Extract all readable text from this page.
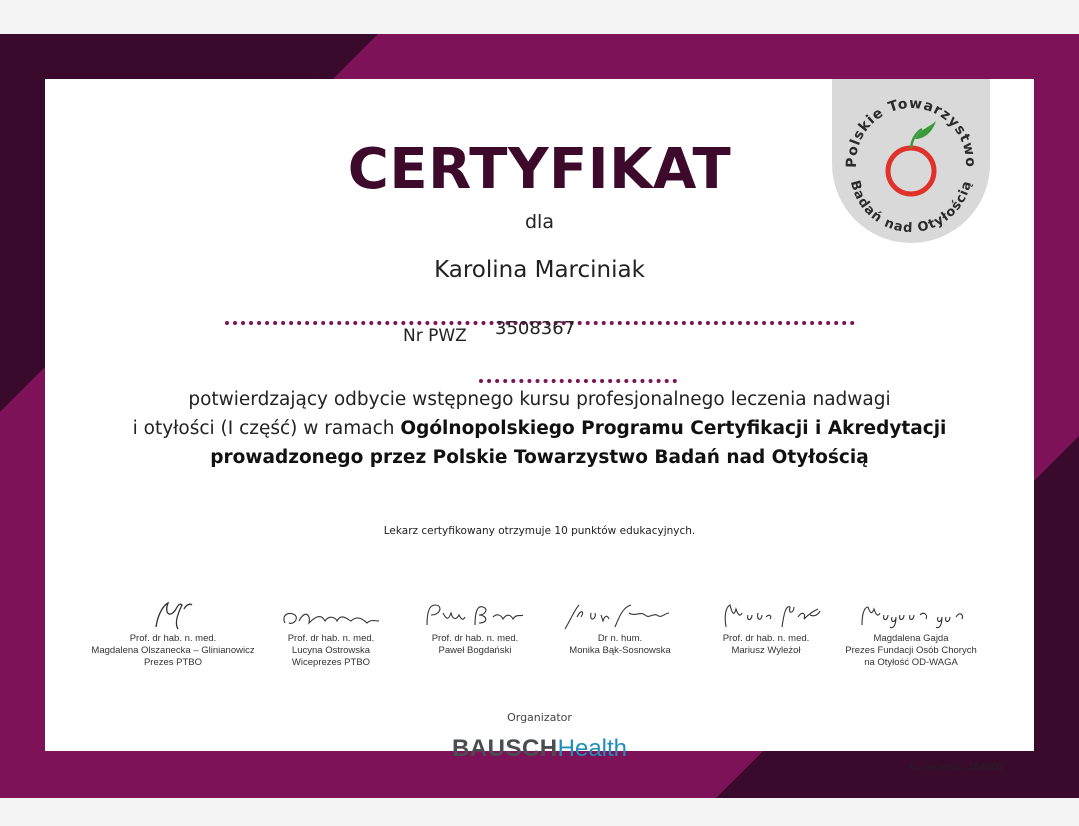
Polskie Towarzystwo
Badań nad Otyłością
CERTYFIKAT
dla
Karolina Marciniak
Nr PWZ 3508367
potwierdzający odbycie wstępnego kursu profesjonalnego leczenia nadwagi
i otyłości (I część) w ramach Ogólnopolskiego Programu Certyfikacji i Akredytacji
prowadzonego przez Polskie Towarzystwo Badań nad Otyłością
Lekarz certyfikowany otrzymuje 10 punktów edukacyjnych.
Prof. dr hab. n. med.
Magdalena Olszanecka – Glinianowicz
Prezes PTBO
Prof. dr hab. n. med.
Lucyna Ostrowska
Wiceprezes PTBO
Prof. dr hab. n. med.
Paweł Bogdański
Dr n. hum.
Monika Bąk-Sosnowska
Prof. dr hab. n. med.
Mariusz Wyleżoł
Magdalena Gajda
Prezes Fundacji Osób Chorych
na Otyłość OD-WAGA
Organizator
BAUSCHHealth
Nr certyfikatu 264002
